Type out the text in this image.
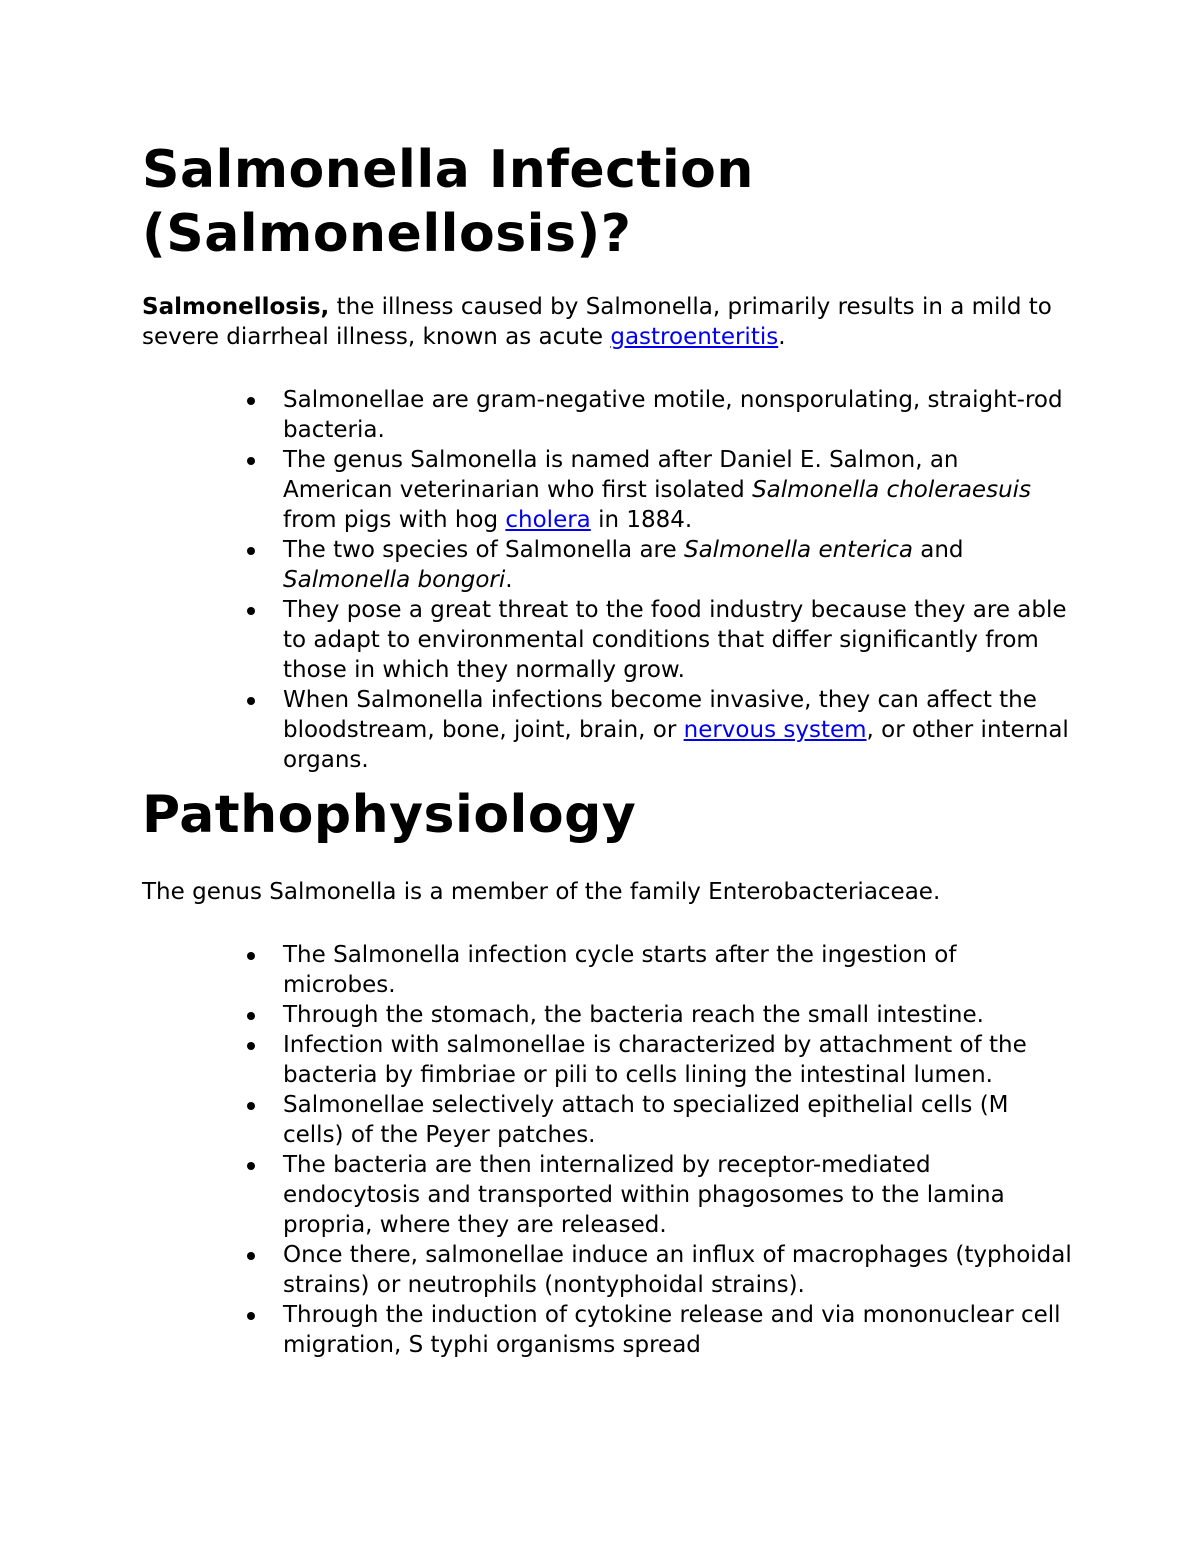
Salmonella Infection (Salmonellosis)?

Salmonellosis, the illness caused by Salmonella, primarily results in a mild to severe diarrheal illness, known as acute gastroenteritis.

Salmonellae are gram-negative motile, nonsporulating, straight-rod bacteria.
The genus Salmonella is named after Daniel E. Salmon, an American veterinarian who first isolated Salmonella choleraesuis from pigs with hog cholera in 1884.
The two species of Salmonella are Salmonella enterica and Salmonella bongori.
They pose a great threat to the food industry because they are able to adapt to environmental conditions that differ significantly from those in which they normally grow.
When Salmonella infections become invasive, they can affect the bloodstream, bone, joint, brain, or nervous system, or other internal organs.
Pathophysiology

The genus Salmonella is a member of the family Enterobacteriaceae.

The Salmonella infection cycle starts after the ingestion of microbes.
Through the stomach, the bacteria reach the small intestine.
Infection with salmonellae is characterized by attachment of the bacteria by fimbriae or pili to cells lining the intestinal lumen.
Salmonellae selectively attach to specialized epithelial cells (M cells) of the Peyer patches.
The bacteria are then internalized by receptor-mediated endocytosis and transported within phagosomes to the lamina propria, where they are released.
Once there, salmonellae induce an influx of macrophages (typhoidal strains) or neutrophils (nontyphoidal strains).
Through the induction of cytokine release and via mononuclear cell migration, S typhi organisms spread
